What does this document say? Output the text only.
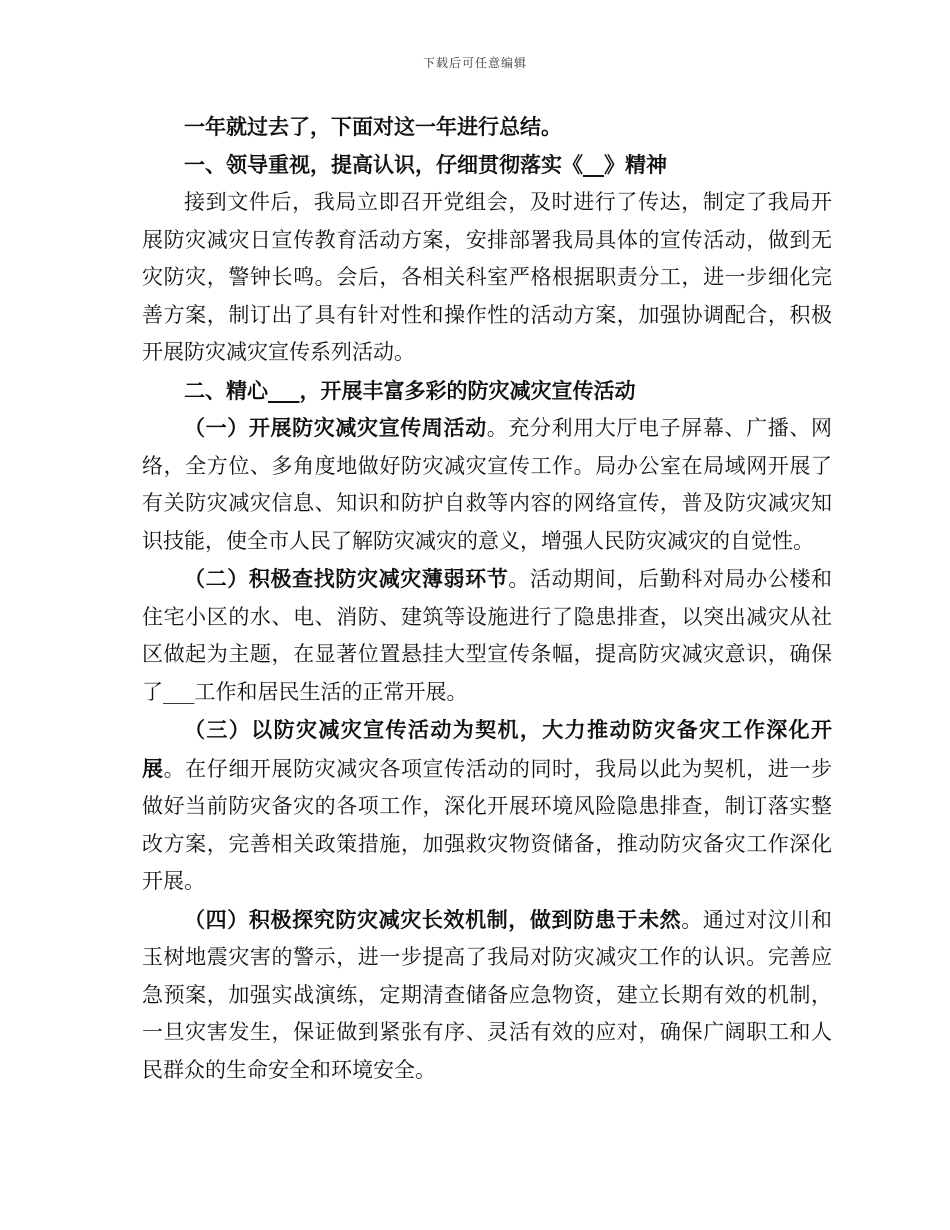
下载后可任意编辑

一年就过去了，下面对这一年进行总结。

一、领导重视，提高认识，仔细贯彻落实《__》精神

接到文件后，我局立即召开党组会，及时进行了传达，制定了我局开展防灾减灾日宣传教育活动方案，安排部署我局具体的宣传活动，做到无灾防灾，警钟长鸣。会后，各相关科室严格根据职责分工，进一步细化完善方案，制订出了具有针对性和操作性的活动方案，加强协调配合，积极开展防灾减灾宣传系列活动。

二、精心___，开展丰富多彩的防灾减灾宣传活动

（一）开展防灾减灾宣传周活动。充分利用大厅电子屏幕、广播、网络，全方位、多角度地做好防灾减灾宣传工作。局办公室在局域网开展了有关防灾减灾信息、知识和防护自救等内容的网络宣传，普及防灾减灾知识技能，使全市人民了解防灾减灾的意义，增强人民防灾减灾的自觉性。

（二）积极查找防灾减灾薄弱环节。活动期间，后勤科对局办公楼和住宅小区的水、电、消防、建筑等设施进行了隐患排查，以突出减灾从社区做起为主题，在显著位置悬挂大型宣传条幅，提高防灾减灾意识，确保了___工作和居民生活的正常开展。

（三）以防灾减灾宣传活动为契机，大力推动防灾备灾工作深化开展。在仔细开展防灾减灾各项宣传活动的同时，我局以此为契机，进一步做好当前防灾备灾的各项工作，深化开展环境风险隐患排查，制订落实整改方案，完善相关政策措施，加强救灾物资储备，推动防灾备灾工作深化开展。

（四）积极探究防灾减灾长效机制，做到防患于未然。通过对汶川和玉树地震灾害的警示，进一步提高了我局对防灾减灾工作的认识。完善应急预案，加强实战演练，定期清查储备应急物资，建立长期有效的机制，一旦灾害发生，保证做到紧张有序、灵活有效的应对，确保广阔职工和人民群众的生命安全和环境安全。
